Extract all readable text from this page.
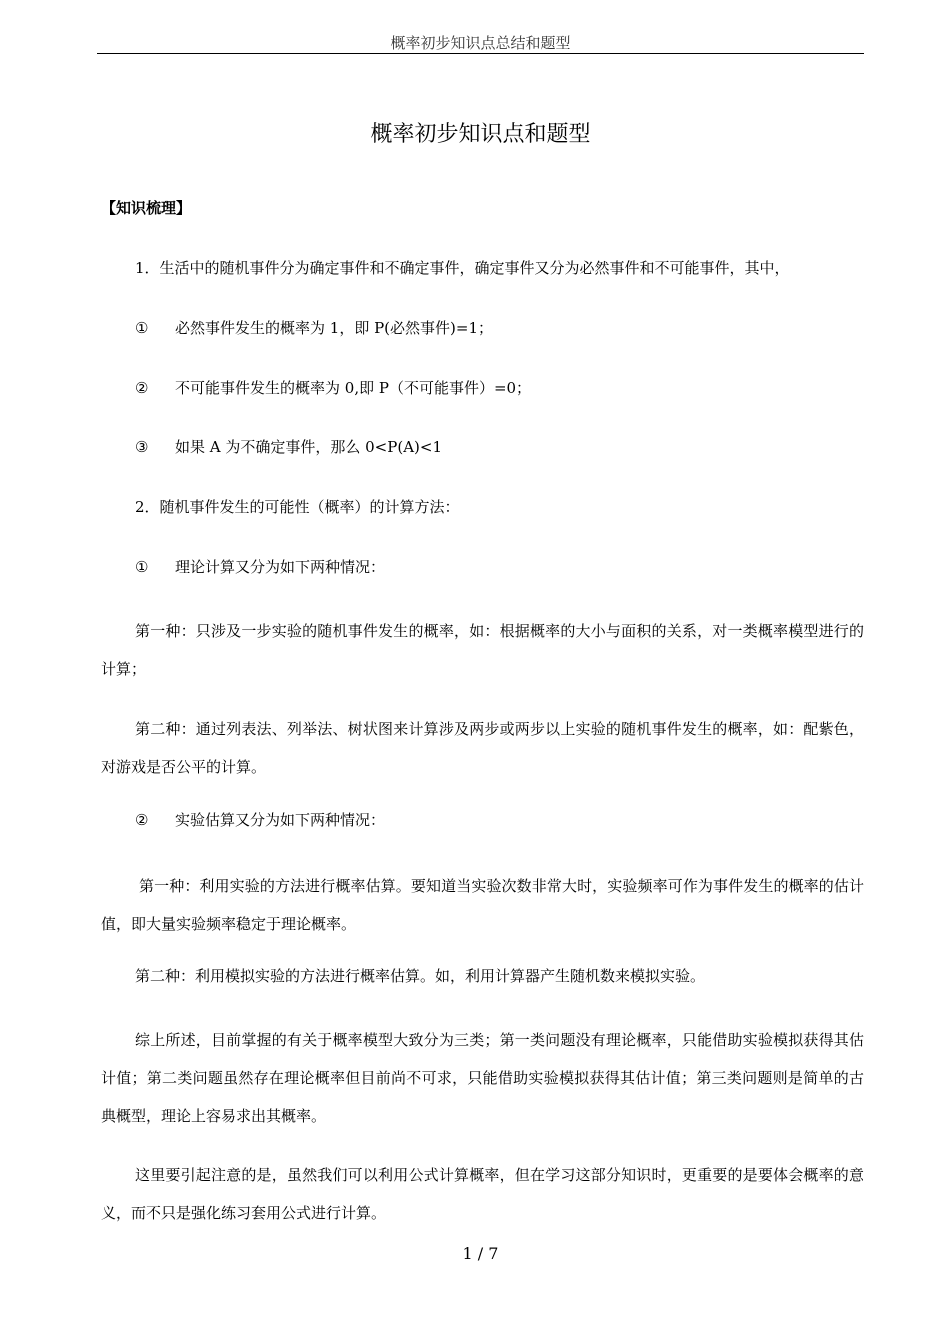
概率初步知识点总结和题型
概率初步知识点和题型
【知识梳理】
1．生活中的随机事件分为确定事件和不确定事件，确定事件又分为必然事件和不可能事件，其中，
① 必然事件发生的概率为 1，即 P(必然事件)=1；
② 不可能事件发生的概率为 0,即 P（不可能事件）=0；
③ 如果 A 为不确定事件，那么 0<P(A)<1
2．随机事件发生的可能性（概率）的计算方法：
① 理论计算又分为如下两种情况：
第一种：只涉及一步实验的随机事件发生的概率，如：根据概率的大小与面积的关系，对一类概率模型进行的计算；
第二种：通过列表法、列举法、树状图来计算涉及两步或两步以上实验的随机事件发生的概率，如：配紫色，对游戏是否公平的计算。
② 实验估算又分为如下两种情况：
第一种：利用实验的方法进行概率估算。要知道当实验次数非常大时，实验频率可作为事件发生的概率的估计值，即大量实验频率稳定于理论概率。
第二种：利用模拟实验的方法进行概率估算。如，利用计算器产生随机数来模拟实验。
综上所述，目前掌握的有关于概率模型大致分为三类；第一类问题没有理论概率，只能借助实验模拟获得其估计值；第二类问题虽然存在理论概率但目前尚不可求，只能借助实验模拟获得其估计值；第三类问题则是简单的古典概型，理论上容易求出其概率。
这里要引起注意的是，虽然我们可以利用公式计算概率，但在学习这部分知识时，更重要的是要体会概率的意义，而不只是强化练习套用公式进行计算。
1 / 7
